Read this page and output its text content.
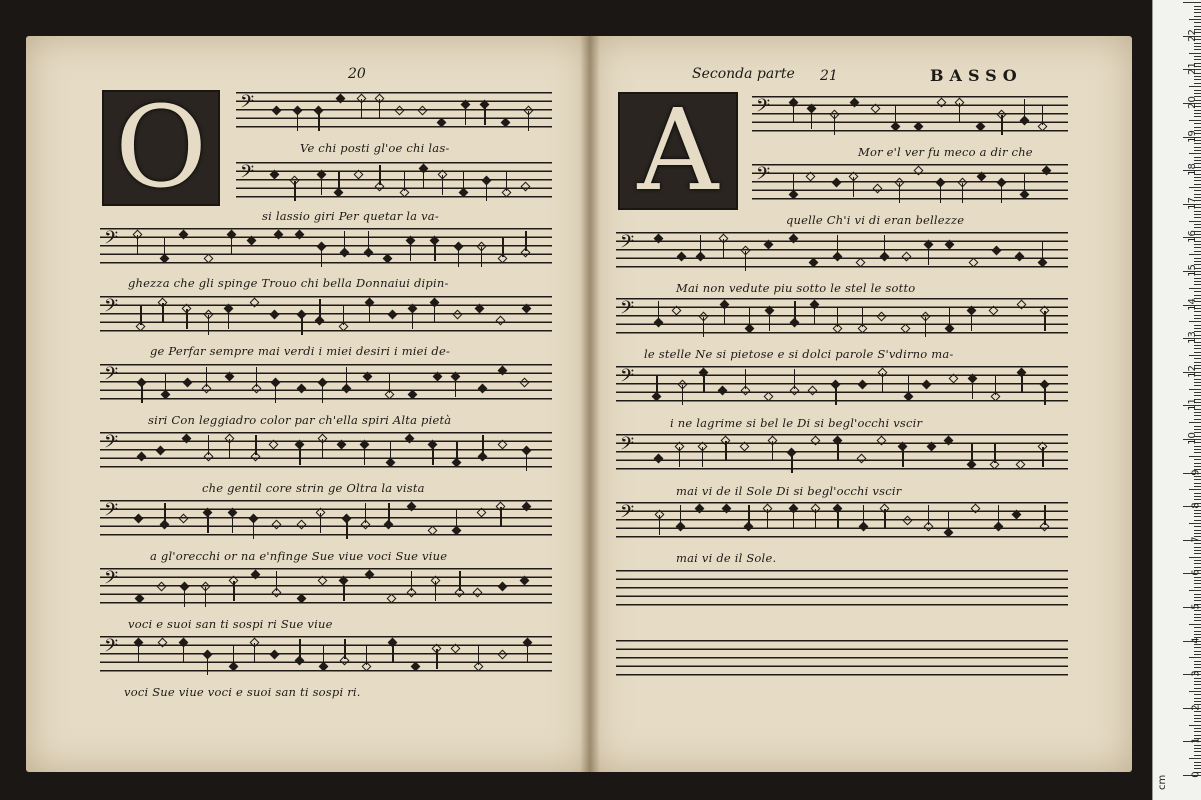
20
O
Seconda parte 21	BASSO
A
𝄢
Ve chi posti gl'oe chi las-
𝄢
si lassio giri Per quetar la va-
𝄢
ghezza che gli spinge Trouo chi bella Donnaiui dipin-
𝄢
ge Perfar sempre mai verdi i miei desiri i miei de-
𝄢
siri Con leggiadro color par ch'ella spiri Alta pietà
𝄢
che gentil core strin ge Oltra la vista
𝄢
a gl'orecchi or na e'nfinge Sue viue voci Sue viue
𝄢
voci e suoi san ti sospi ri Sue viue
𝄢
voci Sue viue voci e suoi san ti sospi ri.
𝄢
Mor e'l ver fu meco a dir che
𝄢
quelle Ch'i vi di eran bellezze
𝄢
Mai non vedute piu sotto le stel le sotto
𝄢
le stelle Ne si pietose e si dolci parole S'vdirno ma-
𝄢
i ne lagrime si bel le Di si begl'occhi vscir
𝄢
mai vi de il Sole Di si begl'occhi vscir
𝄢
mai vi de il Sole.
cm
0
1
2
3
4
5
6
7
8
9
10
11
12
13
14
15
16
17
18
19
20
21
22
